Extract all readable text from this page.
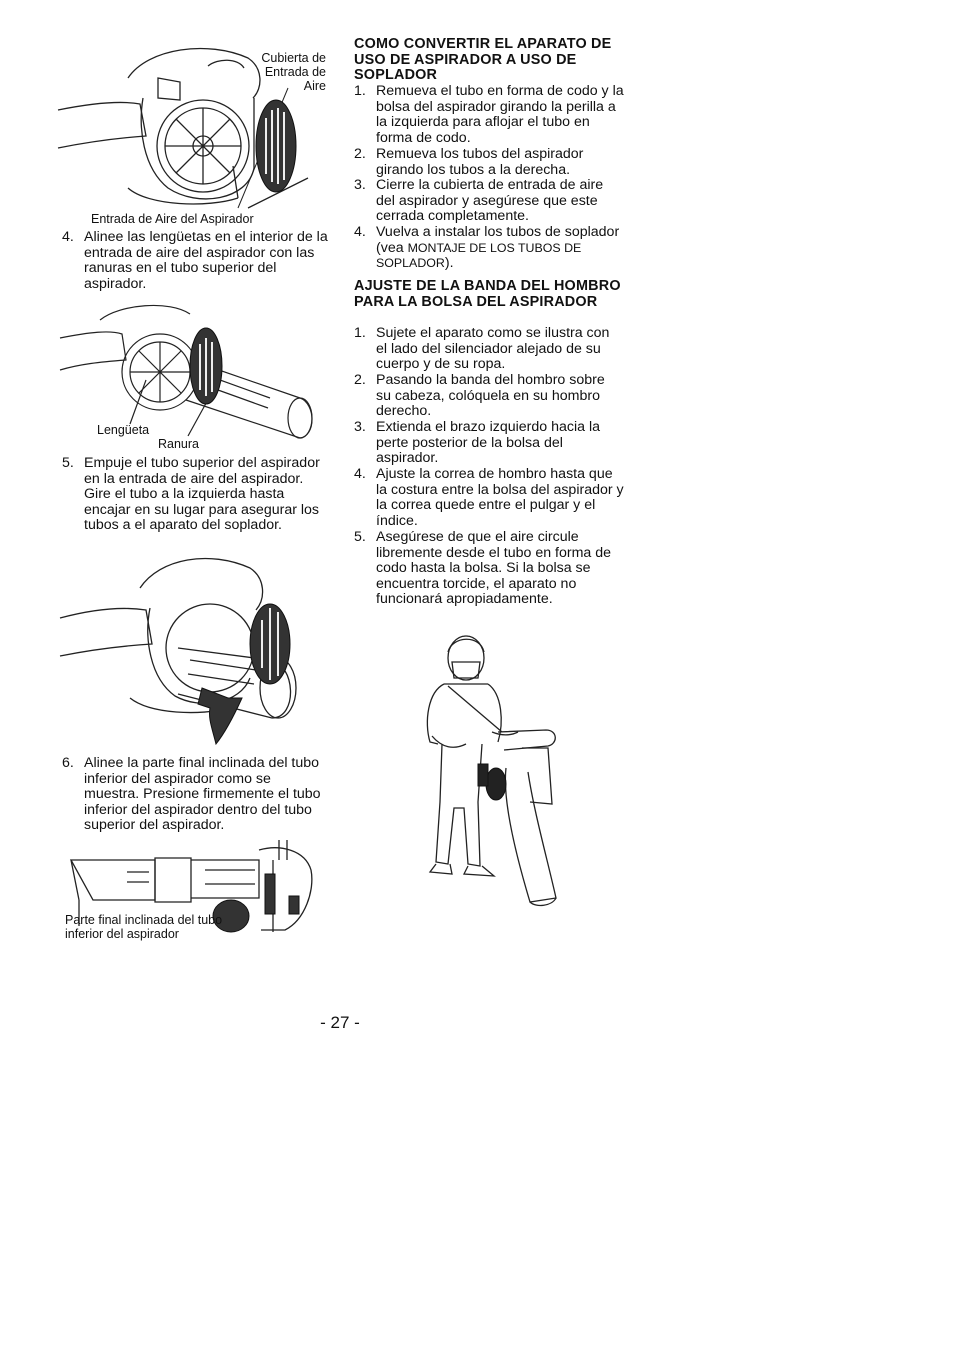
Cubierta de Entrada de Aire
Entrada de Aire del Aspirador
4. Alinee las lengüetas en el interior de la entrada de aire del aspirador con las ranuras en el tubo superior del aspirador.
Lengüeta
Ranura
5. Empuje el tubo superior del aspirador en la entrada de aire del aspirador. Gire el tubo a la izquierda hasta encajar en su lugar para asegurar los tubos a el aparato del soplador.
6. Alinee la parte final inclinada del tubo inferior del aspirador como se muestra. Presione firmemente el tubo inferior del aspirador dentro del tubo superior del aspirador.
Parte final inclinada del tubo inferior del aspirador
COMO CONVERTIR EL APARATO DE USO DE ASPIRADOR A USO DE SOPLADOR
1. Remueva el tubo en forma de codo y la bolsa del aspirador girando la perilla a la izquierda para aflojar el tubo en forma de codo.
2. Remueva los tubos del aspirador girando los tubos a la derecha.
3. Cierre la cubierta de entrada de aire del aspirador y asegúrese que este cerrada completamente.
4. Vuelva a instalar los tubos de soplador (vea MONTAJE DE LOS TUBOS DE SOPLADOR).
AJUSTE DE LA BANDA DEL HOMBRO PARA LA BOLSA DEL ASPIRADOR
1. Sujete el aparato como se ilustra con el lado del silenciador alejado de su cuerpo y de su ropa.
2. Pasando la banda del hombro sobre su cabeza, colóquela en su hombro derecho.
3. Extienda el brazo izquierdo hacia la perte posterior de la bolsa del aspirador.
4. Ajuste la correa de hombro hasta que la costura entre la bolsa del aspirador y la correa quede entre el pulgar y el índice.
5. Asegúrese de que el aire circule libremente desde el tubo en forma de codo hasta la bolsa. Si la bolsa se encuentra torcide, el aparato no funcionará apropiadamente.
- 27 -
